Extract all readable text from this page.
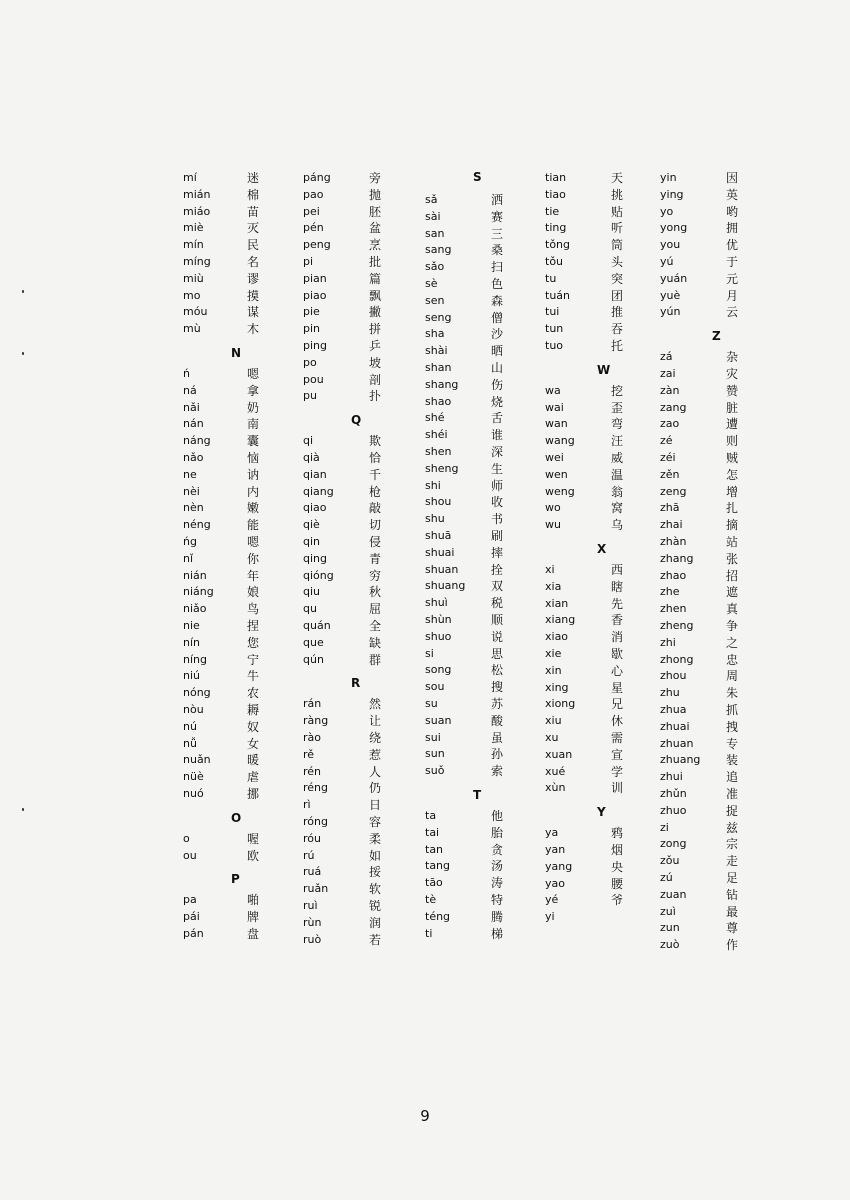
mí	迷
mián	棉
miáo	苗
miè	灭
mín	民
míng	名
miù	谬
mo	摸
móu	谋
mù	木
N
ń	嗯
ná	拿
nǎi	奶
nán	南
náng	囊
nǎo	恼
ne	讷
nèi	内
nèn	嫩
néng	能
ńg	嗯
nǐ	你
nián	年
niáng	娘
niǎo	鸟
nie	捏
nín	您
níng	宁
niú	牛
nóng	农
nòu	耨
nú	奴
nǚ	女
nuǎn	暖
nüè	虐
nuó	挪
O
o	喔
ou	欧
P
pa	啪
pái	牌
pán	盘
páng	旁
pao	抛
pei	胚
pén	盆
peng	烹
pi	批
pian	篇
piao	飘
pie	撇
pin	拼
ping	乒
po	坡
pou	剖
pu	扑
Q
qi	欺
qià	恰
qian	千
qiang	枪
qiao	敲
qiè	切
qin	侵
qing	青
qióng	穷
qiu	秋
qu	屈
quán	全
que	缺
qún	群
R
rán	然
ràng	让
rào	绕
rě	惹
rén	人
réng	仍
rì	日
róng	容
róu	柔
rú	如
ruá	挼
ruǎn	软
ruì	锐
rùn	润
ruò	若
S
sǎ	洒
sài	赛
san	三
sang	桑
sǎo	扫
sè	色
sen	森
seng	僧
sha	沙
shài	晒
shan	山
shang	伤
shao	烧
shé	舌
shéi	谁
shen	深
sheng	生
shi	师
shou	收
shu	书
shuā	刷
shuai	摔
shuan	拴
shuang 双
shuì	税
shùn	顺
shuo	说
si	思
song	松
sou	搜
su	苏
suan	酸
sui	虽
sun	孙
suǒ	索
T
ta	他
tai	胎
tan	贪
tang	汤
tāo	涛
tè	特
téng	腾
ti	梯
tian	天
tiao	挑
tie	贴
ting	听
tǒng	筒
tǒu	头
tu	突
tuán	团
tui	推
tun	吞
tuo	托
W
wa	挖
wai	歪
wan	弯
wang	汪
wei	威
wen	温
weng	翁
wo	窝
wu	乌
X
xi	西
xia	瞎
xian	先
xiang	香
xiao	消
xie	歇
xin	心
xing	星
xiong	兄
xiu	休
xu	需
xuan	宣
xué	学
xùn	训
Y
ya	鸦
yan	烟
yang	央
yao	腰
yé	爷
yi
yin	因
ying	英
yo	哟
yong	拥
you	优
yú	于
yuán	元
yuè	月
yún	云
Z
zá	杂
zai	灾
zàn	赞
zang	脏
zao	遭
zé	则
zéi	贼
zěn	怎
zeng	增
zhā	扎
zhai	摘
zhàn	站
zhang	张
zhao	招
zhe	遮
zhen	真
zheng	争
zhi	之
zhong	忠
zhou	周
zhu	朱
zhua	抓
zhuai	拽
zhuan	专
zhuang 装
zhui	追
zhǔn	准
zhuo	捉
zi	兹
zong	宗
zǒu	走
zú	足
zuan	钻
zuì	最
zun	尊
zuò	作
9
